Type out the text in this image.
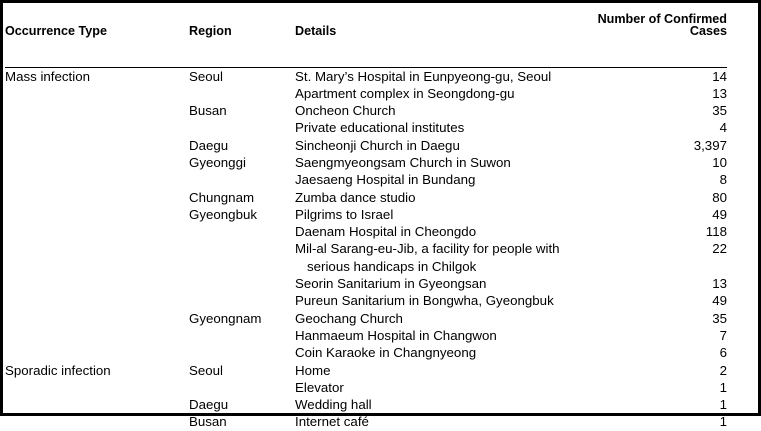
Occurrence Type	Region	Details	Number of Confirmed
Cases

Mass infection	Seoul	St. Mary’s Hospital in Eunpyeong-gu, Seoul	14
		Apartment complex in Seongdong-gu	13
	Busan	Oncheon Church	35
		Private educational institutes	4
	Daegu	Sincheonji Church in Daegu	3,397
	Gyeonggi	Saengmyeongsam Church in Suwon	10
		Jaesaeng Hospital in Bundang	8
	Chungnam	Zumba dance studio	80
	Gyeongbuk	Pilgrims to Israel	49
		Daenam Hospital in Cheongdo	118
		Mil-al Sarang-eu-Jib, a facility for people with
serious handicaps in Chilgok	22
		Seorin Sanitarium in Gyeongsan	13
		Pureun Sanitarium in Bongwha, Gyeongbuk	49
	Gyeongnam	Geochang Church	35
		Hanmaeum Hospital in Changwon	7
		Coin Karaoke in Changnyeong	6
Sporadic infection	Seoul	Home	2
		Elevator	1
	Daegu	Wedding hall	1
	Busan	Internet café	1
